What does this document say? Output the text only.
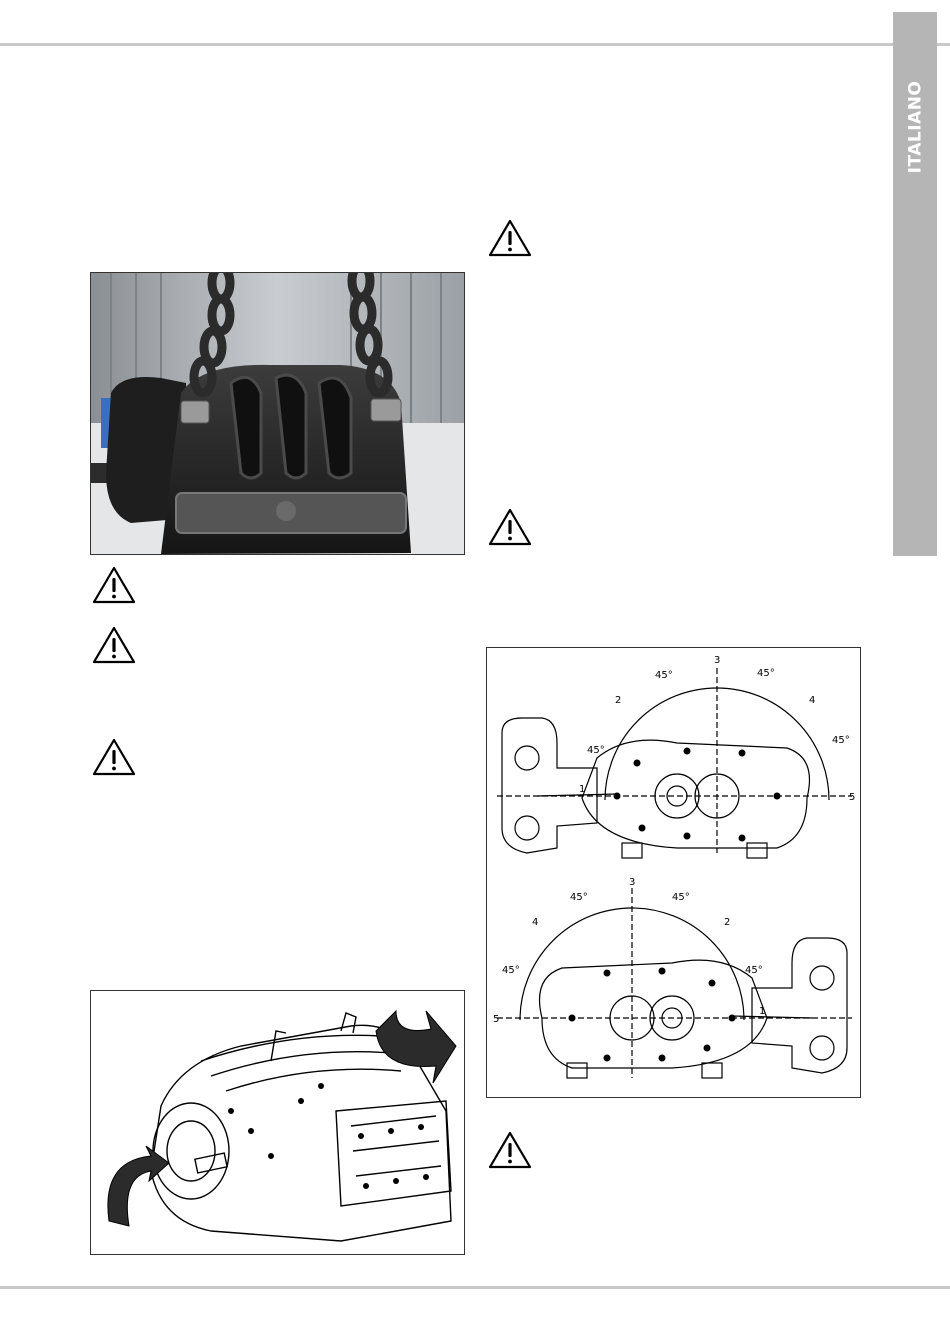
ITALIANO
3
2	4
1
5
45°	45°
45°
45°
3
4	2
1
5
45°	45°
45°	45°
